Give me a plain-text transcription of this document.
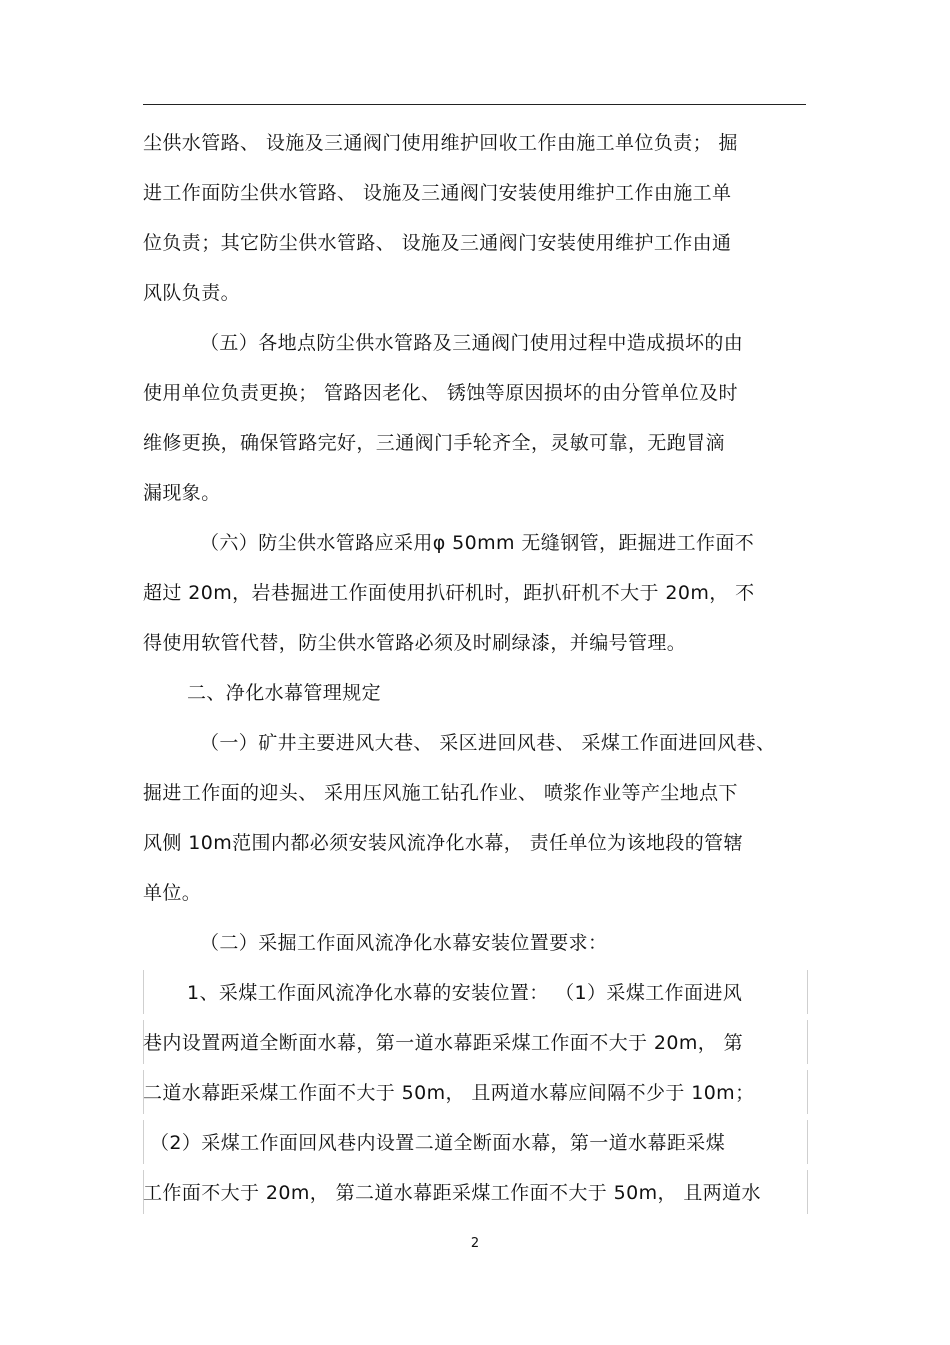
尘供水管路、 设施及三通阀门使用维护回收工作由施工单位负责； 掘
进工作面防尘供水管路、 设施及三通阀门安装使用维护工作由施工单
位负责；其它防尘供水管路、 设施及三通阀门安装使用维护工作由通
风队负责。
（五）各地点防尘供水管路及三通阀门使用过程中造成损坏的由
使用单位负责更换； 管路因老化、 锈蚀等原因损坏的由分管单位及时
维修更换，确保管路完好，三通阀门手轮齐全，灵敏可靠，无跑冒滴
漏现象。
（六）防尘供水管路应采用φ 50mm 无缝钢管，距掘进工作面不
超过 20m，岩巷掘进工作面使用扒矸机时，距扒矸机不大于 20m， 不
得使用软管代替，防尘供水管路必须及时刷绿漆，并编号管理。
二、净化水幕管理规定
（一）矿井主要进风大巷、 采区进回风巷、 采煤工作面进回风巷、
掘进工作面的迎头、 采用压风施工钻孔作业、 喷浆作业等产尘地点下
风侧 10m范围内都必须安装风流净化水幕， 责任单位为该地段的管辖
单位。
（二）采掘工作面风流净化水幕安装位置要求：
1、采煤工作面风流净化水幕的安装位置： （1）采煤工作面进风
巷内设置两道全断面水幕，第一道水幕距采煤工作面不大于 20m， 第
二道水幕距采煤工作面不大于 50m， 且两道水幕应间隔不少于 10m；
（2）采煤工作面回风巷内设置二道全断面水幕，第一道水幕距采煤
工作面不大于 20m， 第二道水幕距采煤工作面不大于 50m， 且两道水
2
